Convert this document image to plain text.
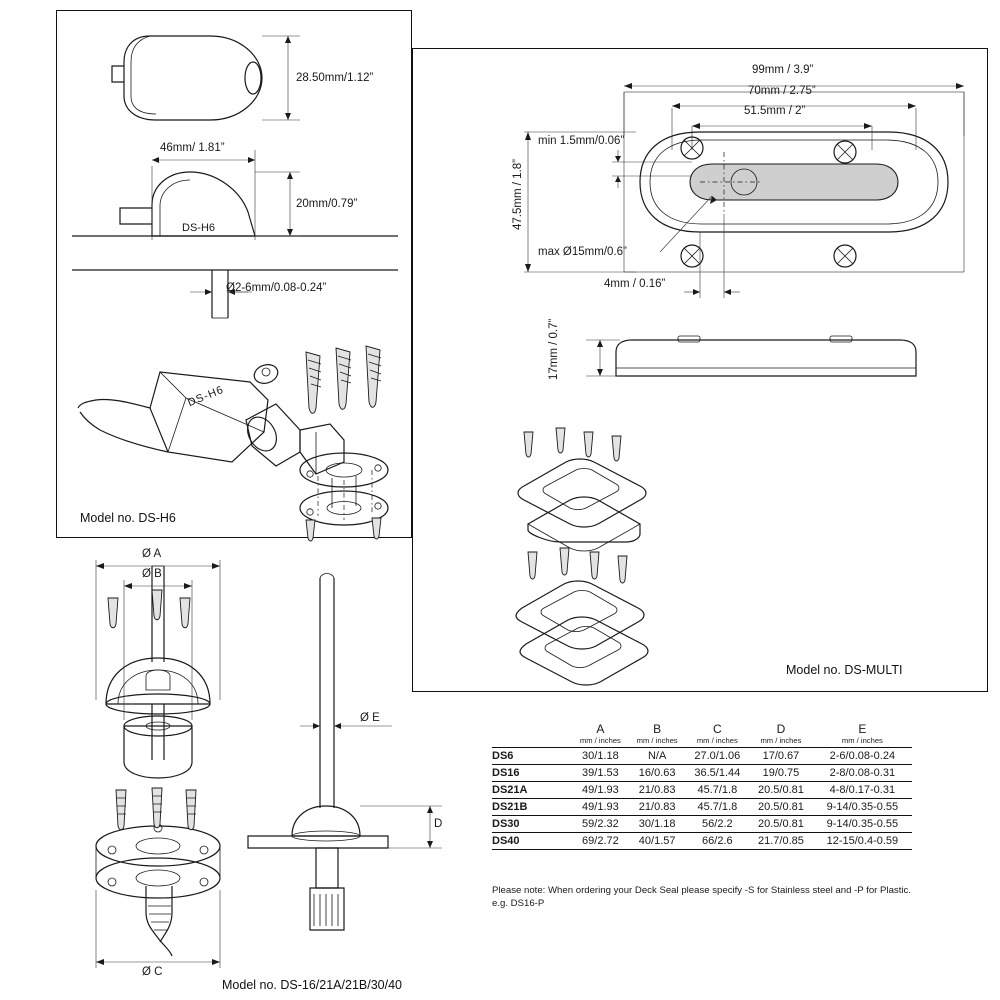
28.50mm/1.12”
46mm/ 1.81”
20mm/0.79”
Ø2-6mm/0.08-0.24”
DS-H6
DS-H6
Model no. DS-H6
99mm / 3.9”
70mm / 2.75”
51.5mm / 2”
47.5mm / 1.8”
min 1.5mm/0.06”
max Ø15mm/0.6”
4mm / 0.16”
17mm / 0.7”
Model no. DS-MULTI
Ø A
Ø B
Ø C
Ø E
D
Model no. DS-16/21A/21B/30/40
	A	B	C	D	E
	mm / inches	mm / inches	mm / inches	mm / inches	mm / inches
DS6	30/1.18	N/A	27.0/1.06	17/0.67	2-6/0.08-0.24
DS16	39/1.53	16/0.63	36.5/1.44	19/0.75	2-8/0.08-0.31
DS21A	49/1.93	21/0.83	45.7/1.8	20.5/0.81	4-8/0.17-0.31
DS21B	49/1.93	21/0.83	45.7/1.8	20.5/0.81	9-14/0.35-0.55
DS30	59/2.32	30/1.18	56/2.2	20.5/0.81	9-14/0.35-0.55
DS40	69/2.72	40/1.57	66/2.6	21.7/0.85	12-15/0.4-0.59
Please note: When ordering your Deck Seal please specify -S for Stainless steel and -P for Plastic.
e.g. DS16-P
